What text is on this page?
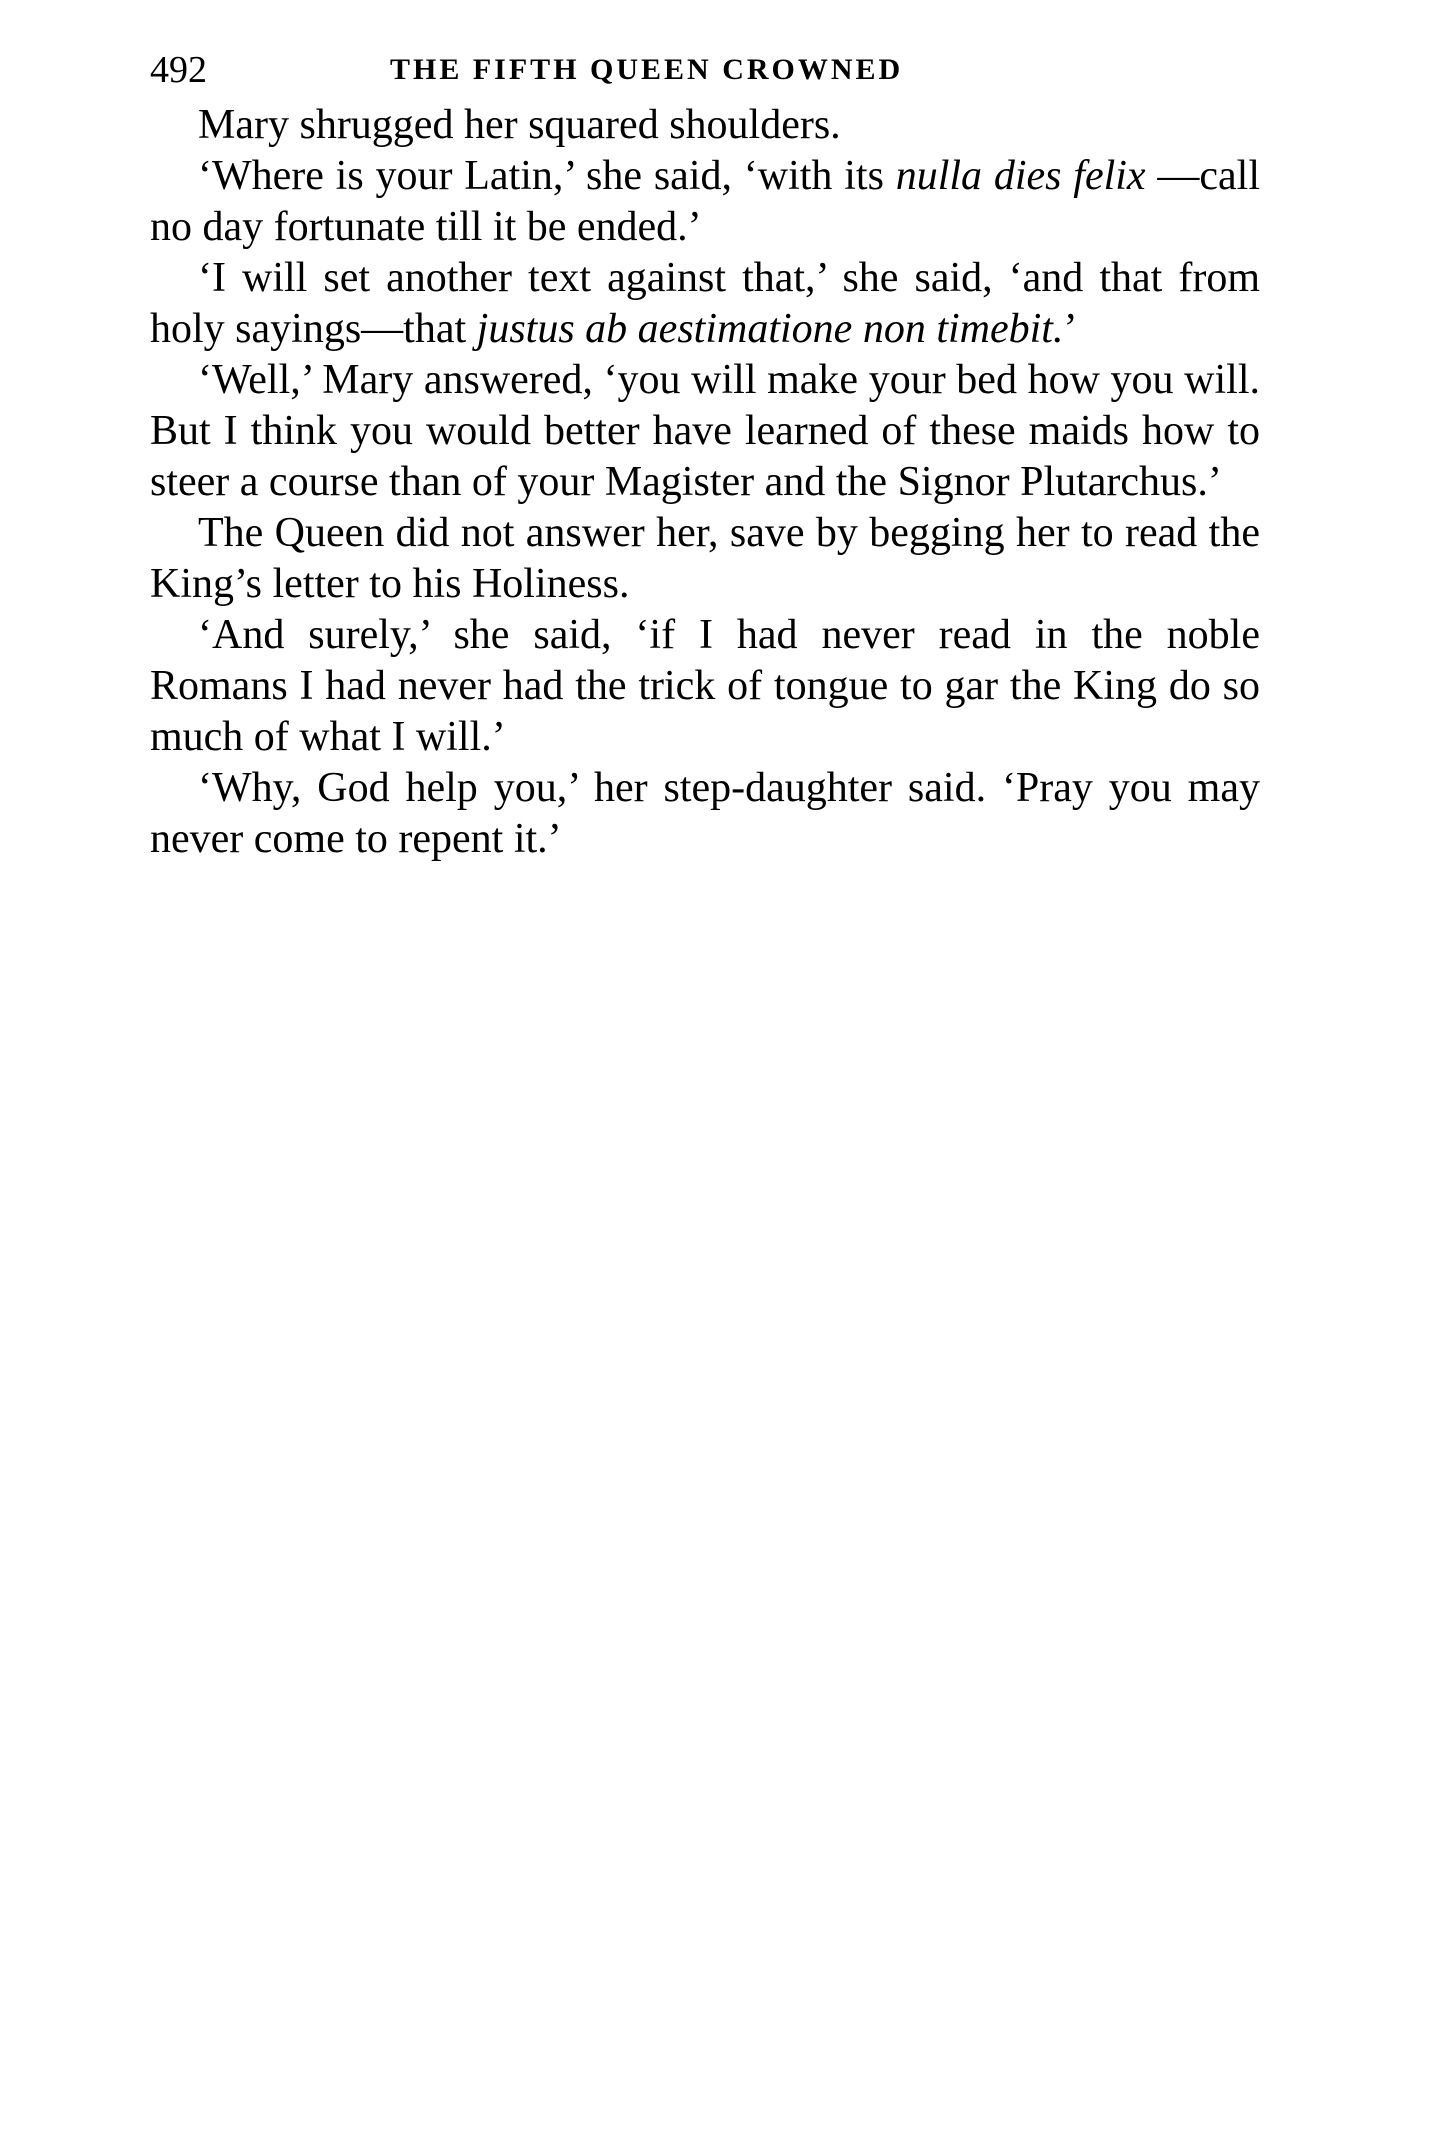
492	THE FIFTH QUEEN CROWNED

Mary shrugged her squared shoulders.

‘Where is your Latin,’ she said, ‘with its nulla dies felix —call no day fortunate till it be ended.’

‘I will set another text against that,’ she said, ‘and that from holy sayings—that justus ab aestimatione non timebit.’

‘Well,’ Mary answered, ‘you will make your bed how you will. But I think you would better have learned of these maids how to steer a course than of your Magister and the Signor Plutarchus.’

The Queen did not answer her, save by begging her to read the King’s letter to his Holiness.

‘And surely,’ she said, ‘if I had never read in the noble Romans I had never had the trick of tongue to gar the King do so much of what I will.’

‘Why, God help you,’ her step-daughter said. ‘Pray you may never come to repent it.’
